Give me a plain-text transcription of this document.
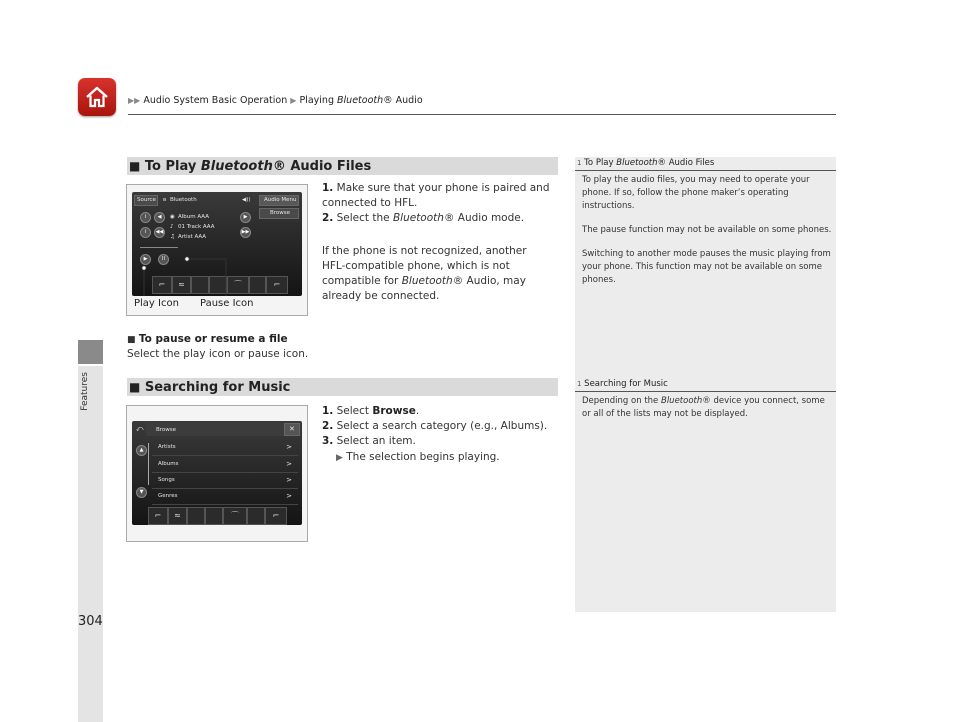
▶▶ Audio System Basic Operation ▶ Playing Bluetooth® Audio
Features
304
■ To Play Bluetooth® Audio Files
Source ʙ Bluetooth	◀)) Audio Menu
Browse
i	◀	▶
i	◀◀	▶▶
◉ Album AAA
♪ 01 Track AAA
♫ Artist AAA
▶	II
⌐	≈	⌒	⌐
Play Icon Pause Icon
1. Make sure that your phone is paired and connected to HFL.
2. Select the Bluetooth® Audio mode.
If the phone is not recognized, another HFL-compatible phone, which is not compatible for Bluetooth® Audio, may already be connected.
■ To pause or resume a file
Select the play icon or pause icon.
■ Searching for Music
⤺ Browse	✕
Artists	>
Albums	>
Songs	>
Genres	>
▲
▼
⌐	≈	⌒	⌐
1. Select Browse.
2. Select a search category (e.g., Albums).
3. Select an item.
▶ The selection begins playing.
1 To Play Bluetooth® Audio Files

To play the audio files, you may need to operate your phone. If so, follow the phone maker’s operating instructions.

The pause function may not be available on some phones.

Switching to another mode pauses the music playing from your phone. This function may not be available on some phones.

1 Searching for Music
Depending on the Bluetooth® device you connect, some or all of the lists may not be displayed.
